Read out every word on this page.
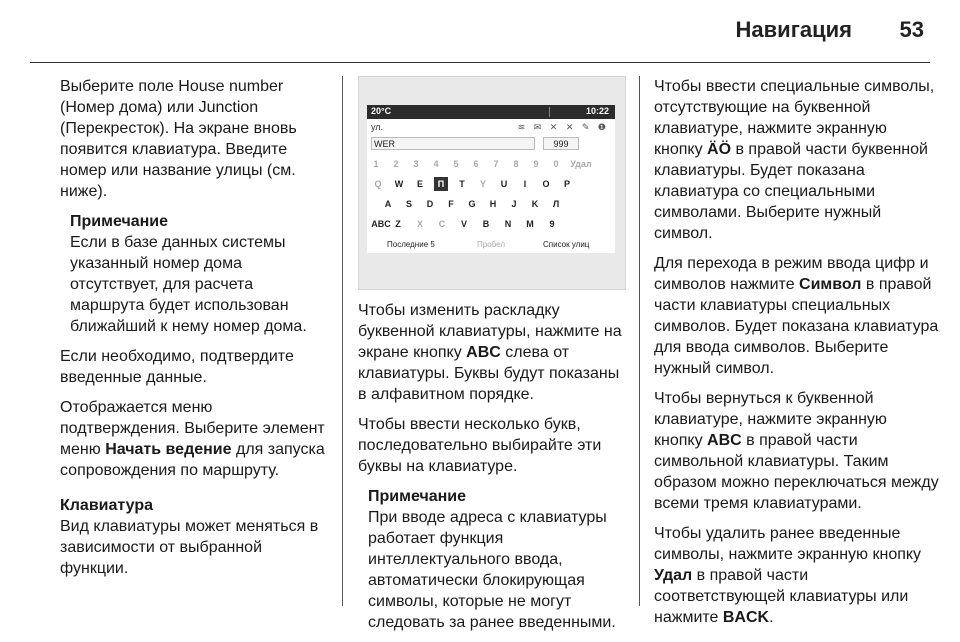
Навигация 53

Выберите поле House number (Номер дома) или Junction (Перекресток). На экране вновь появится клавиатура. Введите номер или название улицы (см. ниже).

Примечание

Если в базе данных системы указанный номер дома отсутствует, для расчета маршрута будет использован ближайший к нему номер дома.

Если необходимо, подтвердите введенные данные.

Отображается меню подтверждения. Выберите элемент меню Начать ведение для запуска сопровождения по маршруту.

Клавиатура

Вид клавиатуры может меняться в зависимости от выбранной функции.

20°C	10:22
ул.	≋ ✉ ✕ ✕ ✎ ❶
WER	999
1	2	3	4	5	6	7	8	9	0	Удал
Q	W	E	П	T	Y	U	I	O	P
A	S	D	F	G	H	J	K	Л
ABC Z	X	C	V	B	N	M	9
Последние 5	Пробел	Список улиц

Чтобы изменить раскладку буквенной клавиатуры, нажмите на экране кнопку ABC слева от клавиатуры. Буквы будут показаны в алфавитном порядке.

Чтобы ввести несколько букв, последовательно выбирайте эти буквы на клавиатуре.

Примечание

При вводе адреса с клавиатуры работает функция интеллектуального ввода, автоматически блокирующая символы, которые не могут следовать за ранее введенными.

Чтобы ввести специальные символы, отсутствующие на буквенной клавиатуре, нажмите экранную кнопку ÄÖ в правой части буквенной клавиатуры. Будет показана клавиатура со специальными символами. Выберите нужный символ.

Для перехода в режим ввода цифр и символов нажмите Символ в правой части клавиатуры специальных символов. Будет показана клавиатура для ввода символов. Выберите нужный символ.

Чтобы вернуться к буквенной клавиатуре, нажмите экранную кнопку ABC в правой части символьной клавиатуры. Таким образом можно переключаться между всеми тремя клавиатурами.

Чтобы удалить ранее введенные символы, нажмите экранную кнопку Удал в правой части соответствующей клавиатуры или нажмите BACK.
